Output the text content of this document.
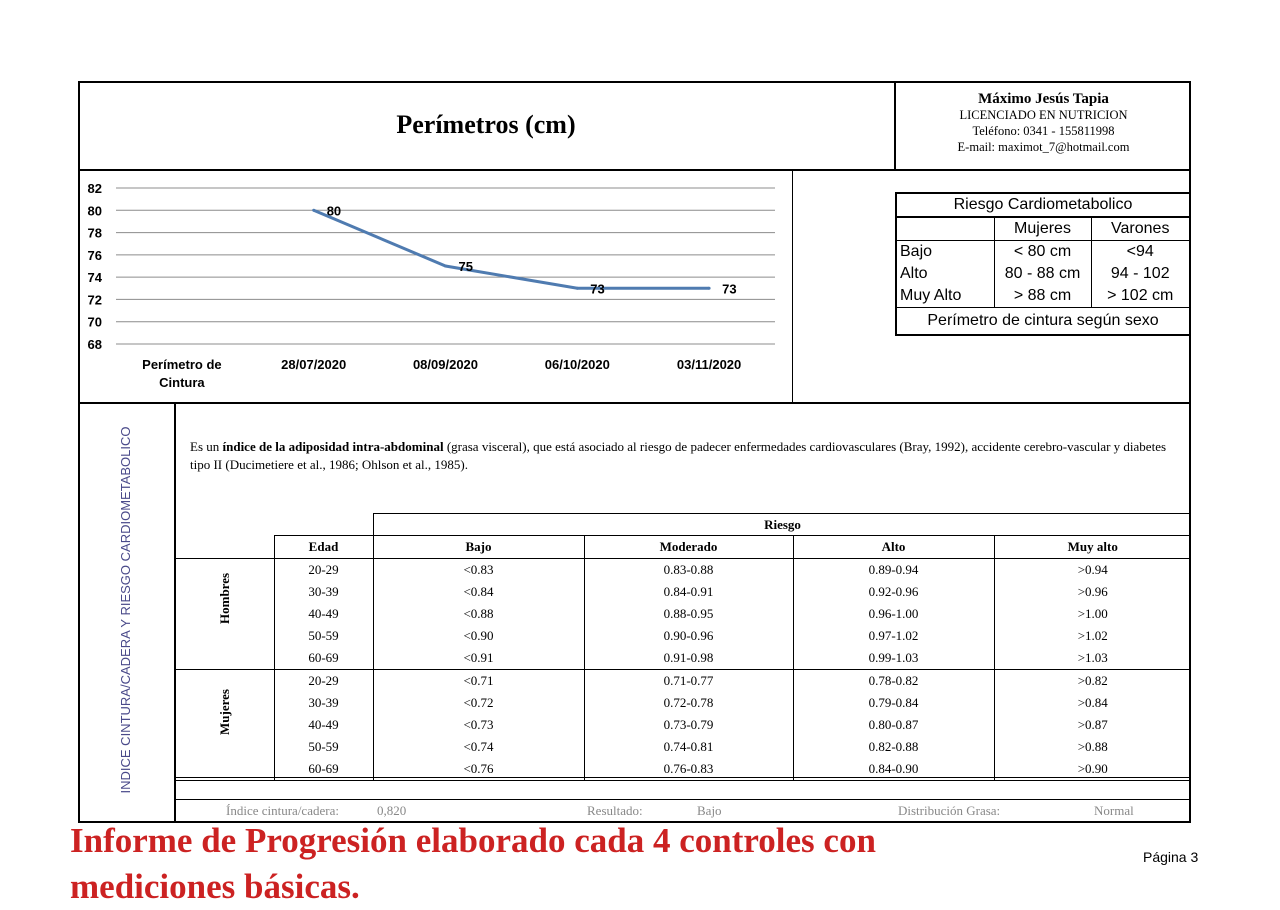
Perímetros (cm)
Máximo Jesús Tapia
LICENCIADO EN NUTRICION
Teléfono: 0341 - 155811998
E-mail: maximot_7@hotmail.com
82
80
78
76
74
72
70
68
Perímetro de
Cintura
28/07/2020	08/09/2020	06/10/2020	03/11/2020
80
75
73	73
Riesgo Cardiometabolico
	Mujeres	Varones
Bajo	< 80 cm	<94
Alto	80 - 88 cm	94 - 102
Muy Alto	> 88 cm	> 102 cm
Perímetro de cintura según sexo
INDICE CINTURA/CADERA Y RIESGO CARDIOMETABOLICO	Es un índice de la adiposidad intra-abdominal (grasa visceral), que está asociado al riesgo de padecer enfermedades cardiovasculares (Bray, 1992), accidente cerebro-vascular y diabetes tipo II (Ducimetiere et al., 1986; Ohlson et al., 1985).
Riesgo
	Edad	Bajo	Moderado	Alto	Muy alto

Hombres	20-29	<0.83	0.83-0.88	0.89-0.94	>0.94
	30-39	<0.84	0.84-0.91	0.92-0.96	>0.96
	40-49	<0.88	0.88-0.95	0.96-1.00	>1.00
	50-59	<0.90	0.90-0.96	0.97-1.02	>1.02
	60-69	<0.91	0.91-0.98	0.99-1.03	>1.03

Mujeres	20-29	<0.71	0.71-0.77	0.78-0.82	>0.82
	30-39	<0.72	0.72-0.78	0.79-0.84	>0.84
	40-49	<0.73	0.73-0.79	0.80-0.87	>0.87
	50-59	<0.74	0.74-0.81	0.82-0.88	>0.88
	60-69	<0.76	0.76-0.83	0.84-0.90	>0.90
Índice cintura/cadera:	0,820	Resultado:	Bajo	Distribución Grasa:	Normal
Informe de Progresión elaborado cada 4 controles con mediciones básicas.
Página 3
